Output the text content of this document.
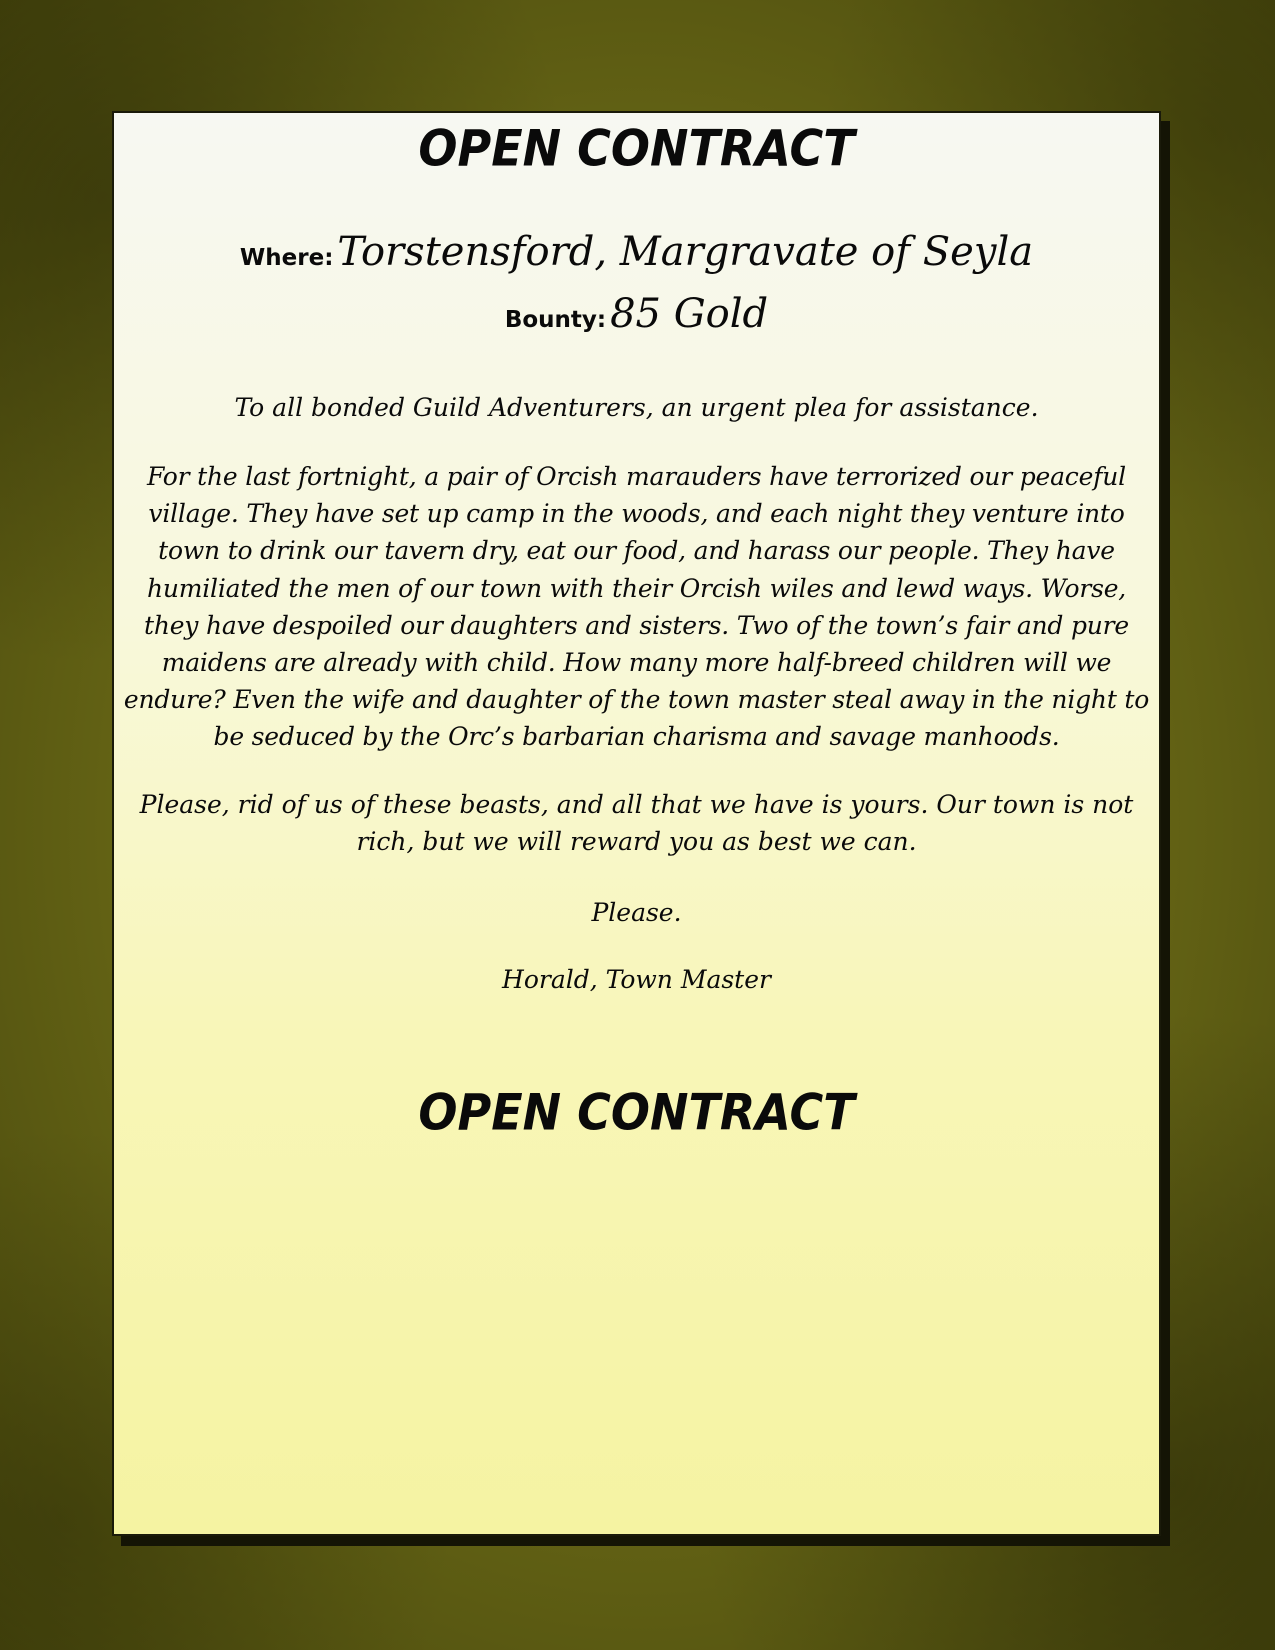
OPEN CONTRACT
Where: Torstensford, Margravate of Seyla
Bounty: 85 Gold
To all bonded Guild Adventurers, an urgent plea for assistance.
For the last fortnight, a pair of Orcish marauders have terrorized our peaceful village. They have set up camp in the woods, and each night they venture into town to drink our tavern dry, eat our food, and harass our people. They have humiliated the men of our town with their Orcish wiles and lewd ways. Worse, they have despoiled our daughters and sisters. Two of the town’s fair and pure maidens are already with child. How many more half-breed children will we endure? Even the wife and daughter of the town master steal away in the night to be seduced by the Orc’s barbarian charisma and savage manhoods.
Please, rid of us of these beasts, and all that we have is yours. Our town is not rich, but we will reward you as best we can.
Please.
Horald, Town Master
OPEN CONTRACT
